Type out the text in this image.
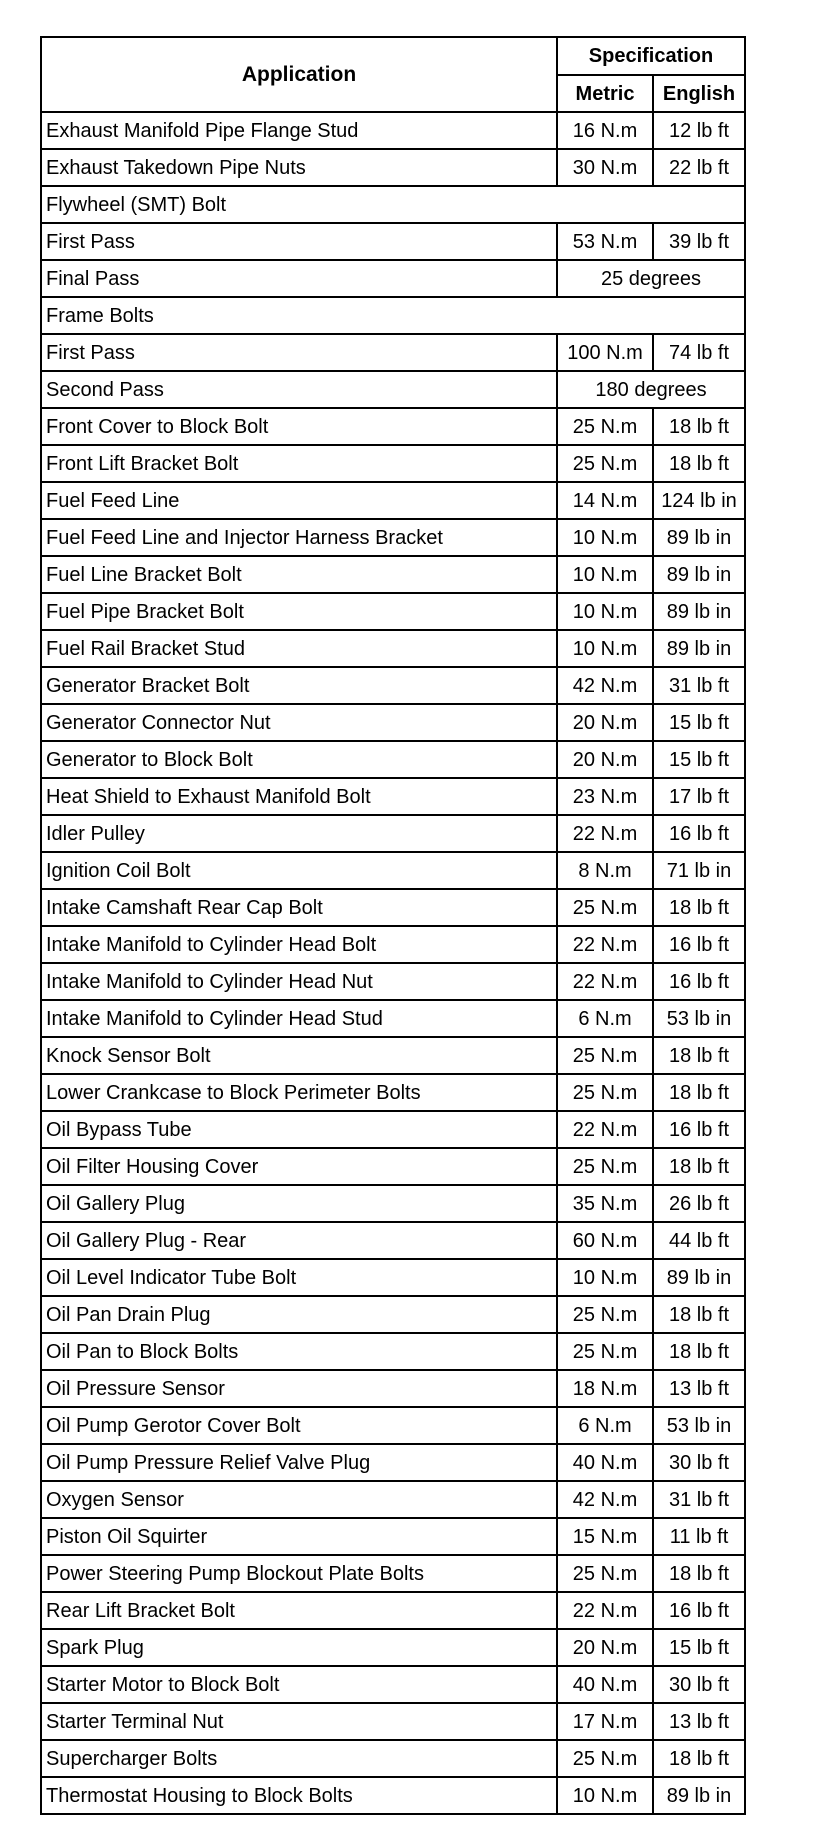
Application	Specification	
	Metric	English
Exhaust Manifold Pipe Flange Stud	16 N.m	12 lb ft
Exhaust Takedown Pipe Nuts	30 N.m	22 lb ft
Flywheel (SMT) Bolt		
First Pass	53 N.m	39 lb ft
Final Pass	25 degrees	
Frame Bolts		
First Pass	100 N.m	74 lb ft
Second Pass	180 degrees	
Front Cover to Block Bolt	25 N.m	18 lb ft
Front Lift Bracket Bolt	25 N.m	18 lb ft
Fuel Feed Line	14 N.m	124 lb in
Fuel Feed Line and Injector Harness Bracket	10 N.m	89 lb in
Fuel Line Bracket Bolt	10 N.m	89 lb in
Fuel Pipe Bracket Bolt	10 N.m	89 lb in
Fuel Rail Bracket Stud	10 N.m	89 lb in
Generator Bracket Bolt	42 N.m	31 lb ft
Generator Connector Nut	20 N.m	15 lb ft
Generator to Block Bolt	20 N.m	15 lb ft
Heat Shield to Exhaust Manifold Bolt	23 N.m	17 lb ft
Idler Pulley	22 N.m	16 lb ft
Ignition Coil Bolt	8 N.m	71 lb in
Intake Camshaft Rear Cap Bolt	25 N.m	18 lb ft
Intake Manifold to Cylinder Head Bolt	22 N.m	16 lb ft
Intake Manifold to Cylinder Head Nut	22 N.m	16 lb ft
Intake Manifold to Cylinder Head Stud	6 N.m	53 lb in
Knock Sensor Bolt	25 N.m	18 lb ft
Lower Crankcase to Block Perimeter Bolts	25 N.m	18 lb ft
Oil Bypass Tube	22 N.m	16 lb ft
Oil Filter Housing Cover	25 N.m	18 lb ft
Oil Gallery Plug	35 N.m	26 lb ft
Oil Gallery Plug - Rear	60 N.m	44 lb ft
Oil Level Indicator Tube Bolt	10 N.m	89 lb in
Oil Pan Drain Plug	25 N.m	18 lb ft
Oil Pan to Block Bolts	25 N.m	18 lb ft
Oil Pressure Sensor	18 N.m	13 lb ft
Oil Pump Gerotor Cover Bolt	6 N.m	53 lb in
Oil Pump Pressure Relief Valve Plug	40 N.m	30 lb ft
Oxygen Sensor	42 N.m	31 lb ft
Piston Oil Squirter	15 N.m	11 lb ft
Power Steering Pump Blockout Plate Bolts	25 N.m	18 lb ft
Rear Lift Bracket Bolt	22 N.m	16 lb ft
Spark Plug	20 N.m	15 lb ft
Starter Motor to Block Bolt	40 N.m	30 lb ft
Starter Terminal Nut	17 N.m	13 lb ft
Supercharger Bolts	25 N.m	18 lb ft
Thermostat Housing to Block Bolts	10 N.m	89 lb in
